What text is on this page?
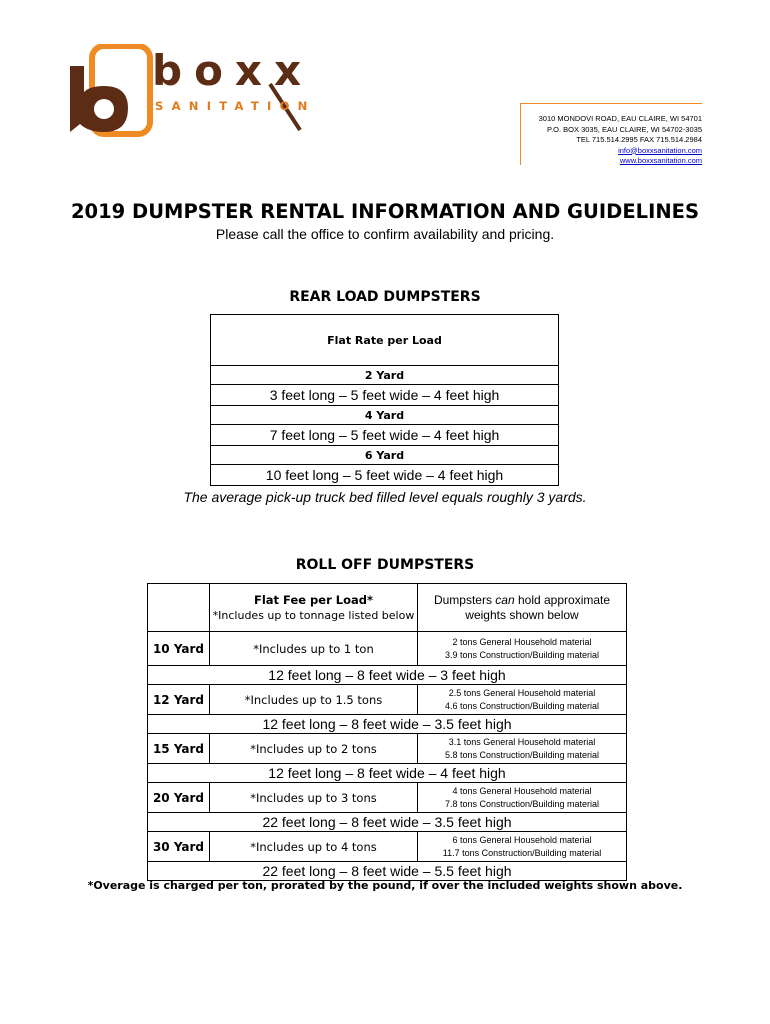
boxx
SANITATION
3010 MONDOVI ROAD, EAU CLAIRE, WI 54701
P.O. BOX 3035, EAU CLAIRE, WI 54702-3035
TEL 715.514.2995 FAX 715.514.2984
info@boxxsanitation.com
www.boxxsanitation.com
2019 DUMPSTER RENTAL INFORMATION AND GUIDELINES
Please call the office to confirm availability and pricing.
REAR LOAD DUMPSTERS
Flat Rate per Load
2 Yard
3 feet long – 5 feet wide – 4 feet high
4 Yard
7 feet long – 5 feet wide – 4 feet high
6 Yard
10 feet long – 5 feet wide – 4 feet high
The average pick-up truck bed filled level equals roughly 3 yards.
ROLL OFF DUMPSTERS

	Flat Fee per Load*
*Includes up to tonnage listed below	Dumpsters can hold approximate weights shown below
10 Yard	*Includes up to 1 ton	2 tons General Household material
3.9 tons Construction/Building material

12 feet long – 8 feet wide – 3 feet high		
12 Yard	*Includes up to 1.5 tons	2.5 tons General Household material
4.6 tons Construction/Building material

12 feet long – 8 feet wide – 3.5 feet high		
15 Yard	*Includes up to 2 tons	3.1 tons General Household material
5.8 tons Construction/Building material

12 feet long – 8 feet wide – 4 feet high		
20 Yard	*Includes up to 3 tons	4 tons General Household material
7.8 tons Construction/Building material

22 feet long – 8 feet wide – 3.5 feet high		
30 Yard	*Includes up to 4 tons	6 tons General Household material
11.7 tons Construction/Building material

22 feet long – 8 feet wide – 5.5 feet high		
*Overage is charged per ton, prorated by the pound, if over the included weights shown above.
